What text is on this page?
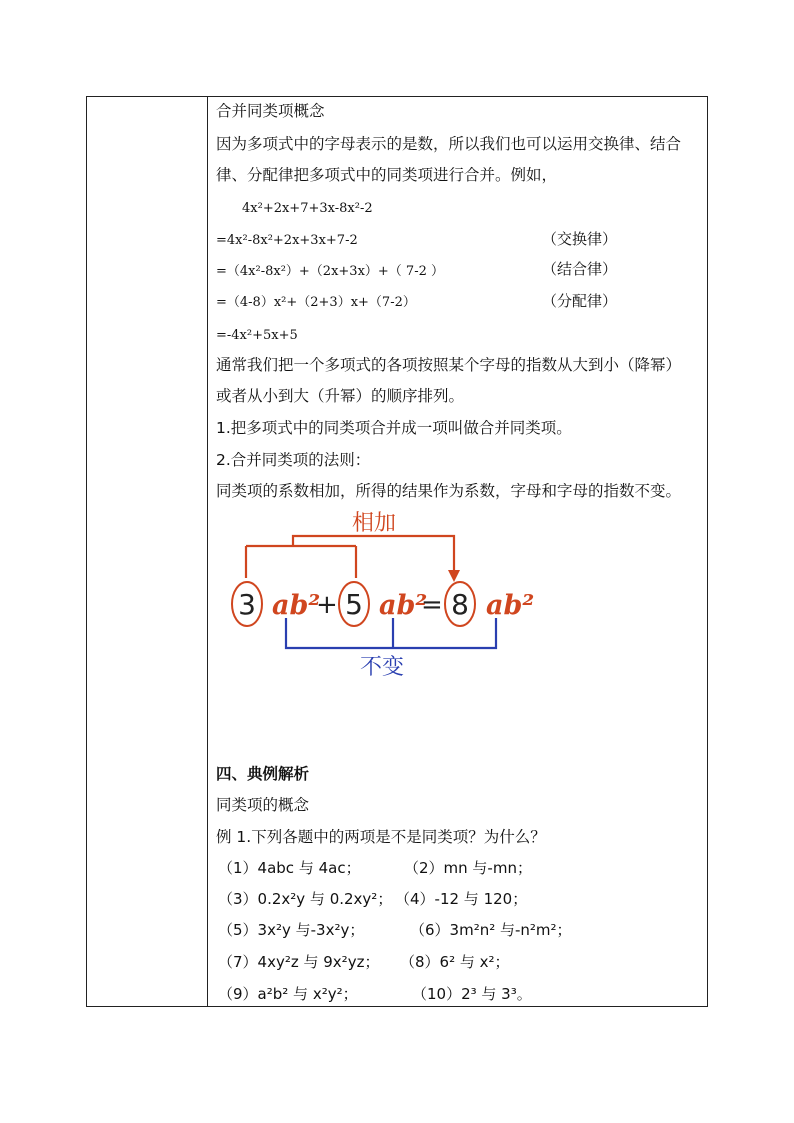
合并同类项概念
因为多项式中的字母表示的是数，所以我们也可以运用交换律、结合
律、分配律把多项式中的同类项进行合并。例如，
4x²+2x+7+3x-8x²-2
=4x²-8x²+2x+3x+7-2	（交换律）
=（4x²-8x²）+（2x+3x）+（ 7-2 ）	（结合律）
=（4-8）x²+（2+3）x+（7-2）	（分配律）
=-4x²+5x+5
通常我们把一个多项式的各项按照某个字母的指数从大到小（降幂）
或者从小到大（升幂）的顺序排列。
1.把多项式中的同类项合并成一项叫做合并同类项。
2.合并同类项的法则：
同类项的系数相加，所得的结果作为系数，字母和字母的指数不变。
相加
3 ab²
+ 5 ab²
= 8 ab²
不变
四、典例解析
同类项的概念
例 1.下列各题中的两项是不是同类项？为什么？
（1）4abc 与 4ac；	（2）mn 与-mn；
（3）0.2x²y 与 0.2xy²； （4）-12 与 120；
（5）3x²y 与-3x²y；	（6）3m²n² 与-n²m²；
（7）4xy²z 与 9x²yz； （8）6² 与 x²；
（9）a²b² 与 x²y²；	（10）2³ 与 3³。
